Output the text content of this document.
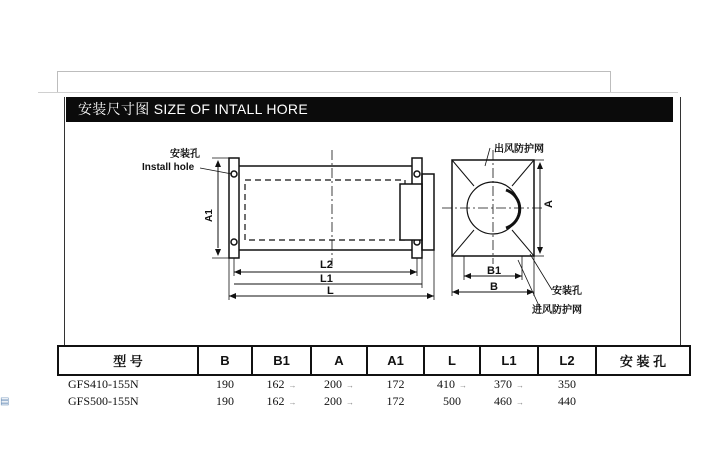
安装尺寸图 SIZE OF INTALL HORE
安装孔
Install hole
A1
L2
L1
L
出风防护网
A
B1
B	安装孔
进风防护网
型 号	B	B1	A	A1	L	L1	L2	安 装 孔
GFS410-155N	190	162 →	200 →	172	410 →	370 →	350	
GFS500-155N	190	162 →	200 →	172	500	460 →	440	
▤
